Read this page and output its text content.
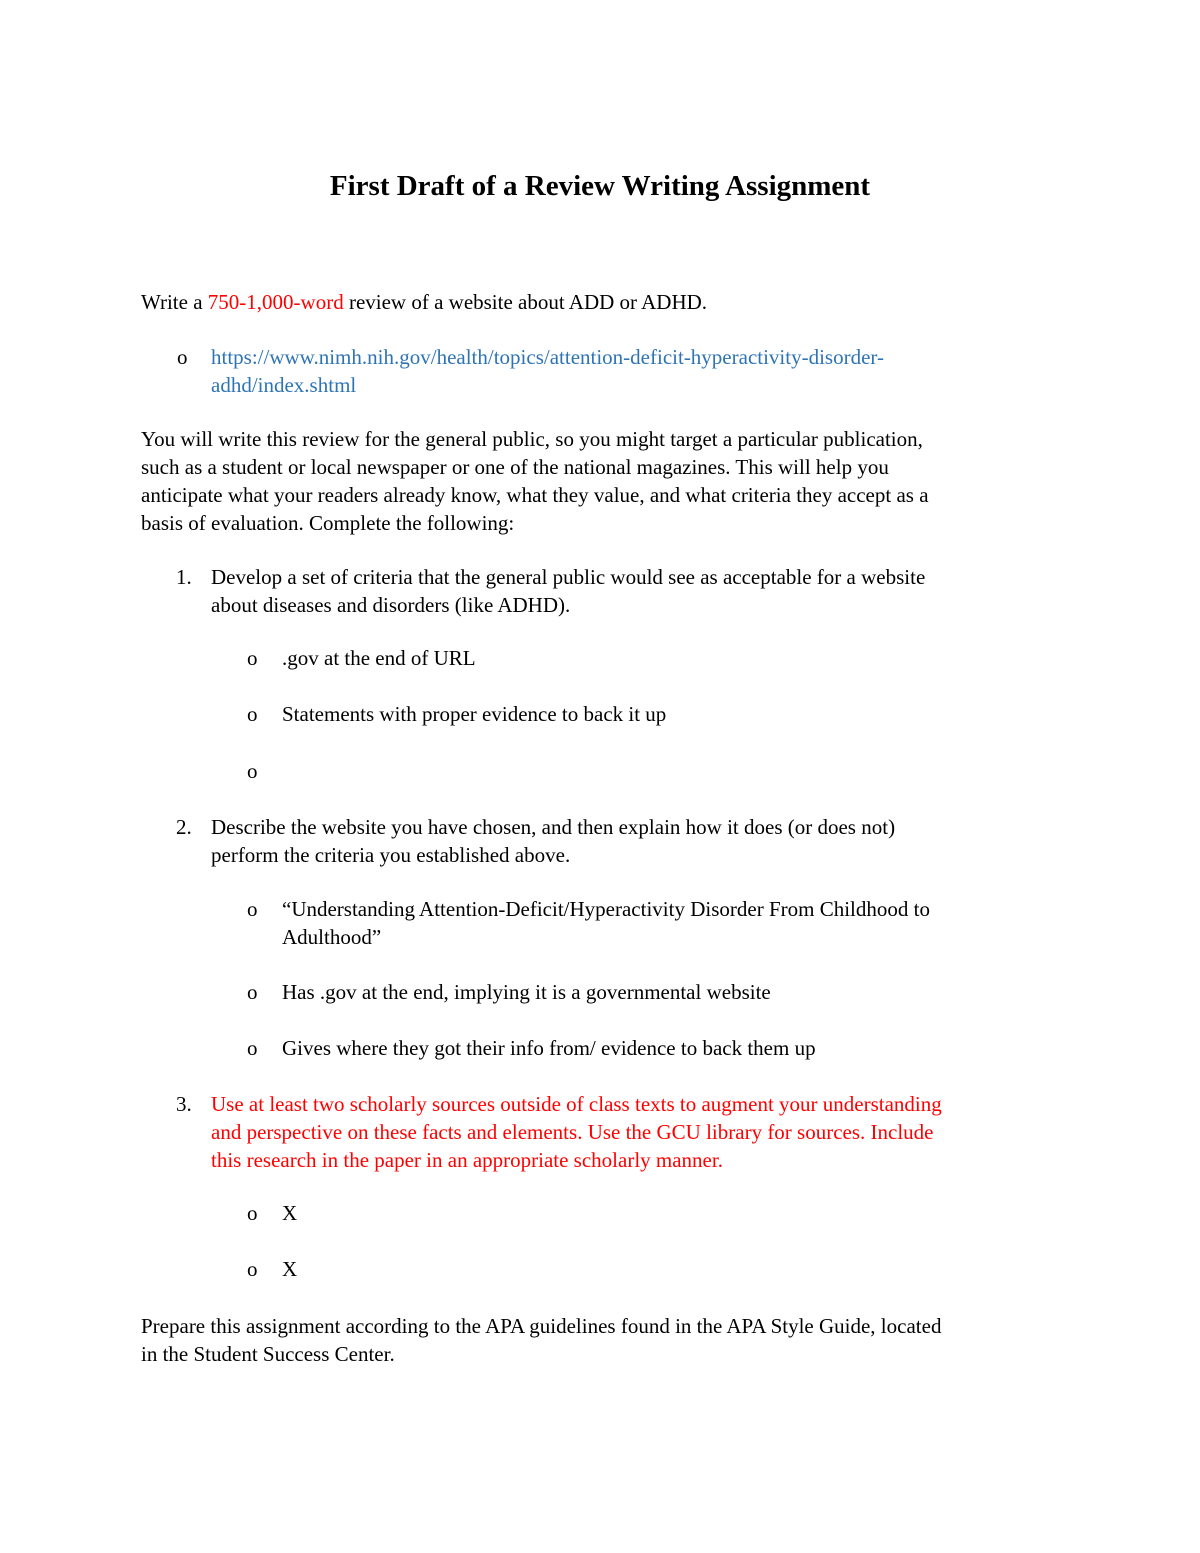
First Draft of a Review Writing Assignment
Write a 750-1,000-word review of a website about ADD or ADHD.
o https://www.nimh.nih.gov/health/topics/attention-deficit-hyperactivity-disorder-
adhd/index.shtml
You will write this review for the general public, so you might target a particular publication,
such as a student or local newspaper or one of the national magazines. This will help you
anticipate what your readers already know, what they value, and what criteria they accept as a
basis of evaluation. Complete the following:
1. Develop a set of criteria that the general public would see as acceptable for a website
about diseases and disorders (like ADHD).
o .gov at the end of URL
o Statements with proper evidence to back it up
o
2. Describe the website you have chosen, and then explain how it does (or does not)
perform the criteria you established above.
o “Understanding Attention-Deficit/Hyperactivity Disorder From Childhood to
Adulthood”
o Has .gov at the end, implying it is a governmental website
o Gives where they got their info from/ evidence to back them up
3. Use at least two scholarly sources outside of class texts to augment your understanding
and perspective on these facts and elements. Use the GCU library for sources. Include
this research in the paper in an appropriate scholarly manner.
o X
o X
Prepare this assignment according to the APA guidelines found in the APA Style Guide, located
in the Student Success Center.
